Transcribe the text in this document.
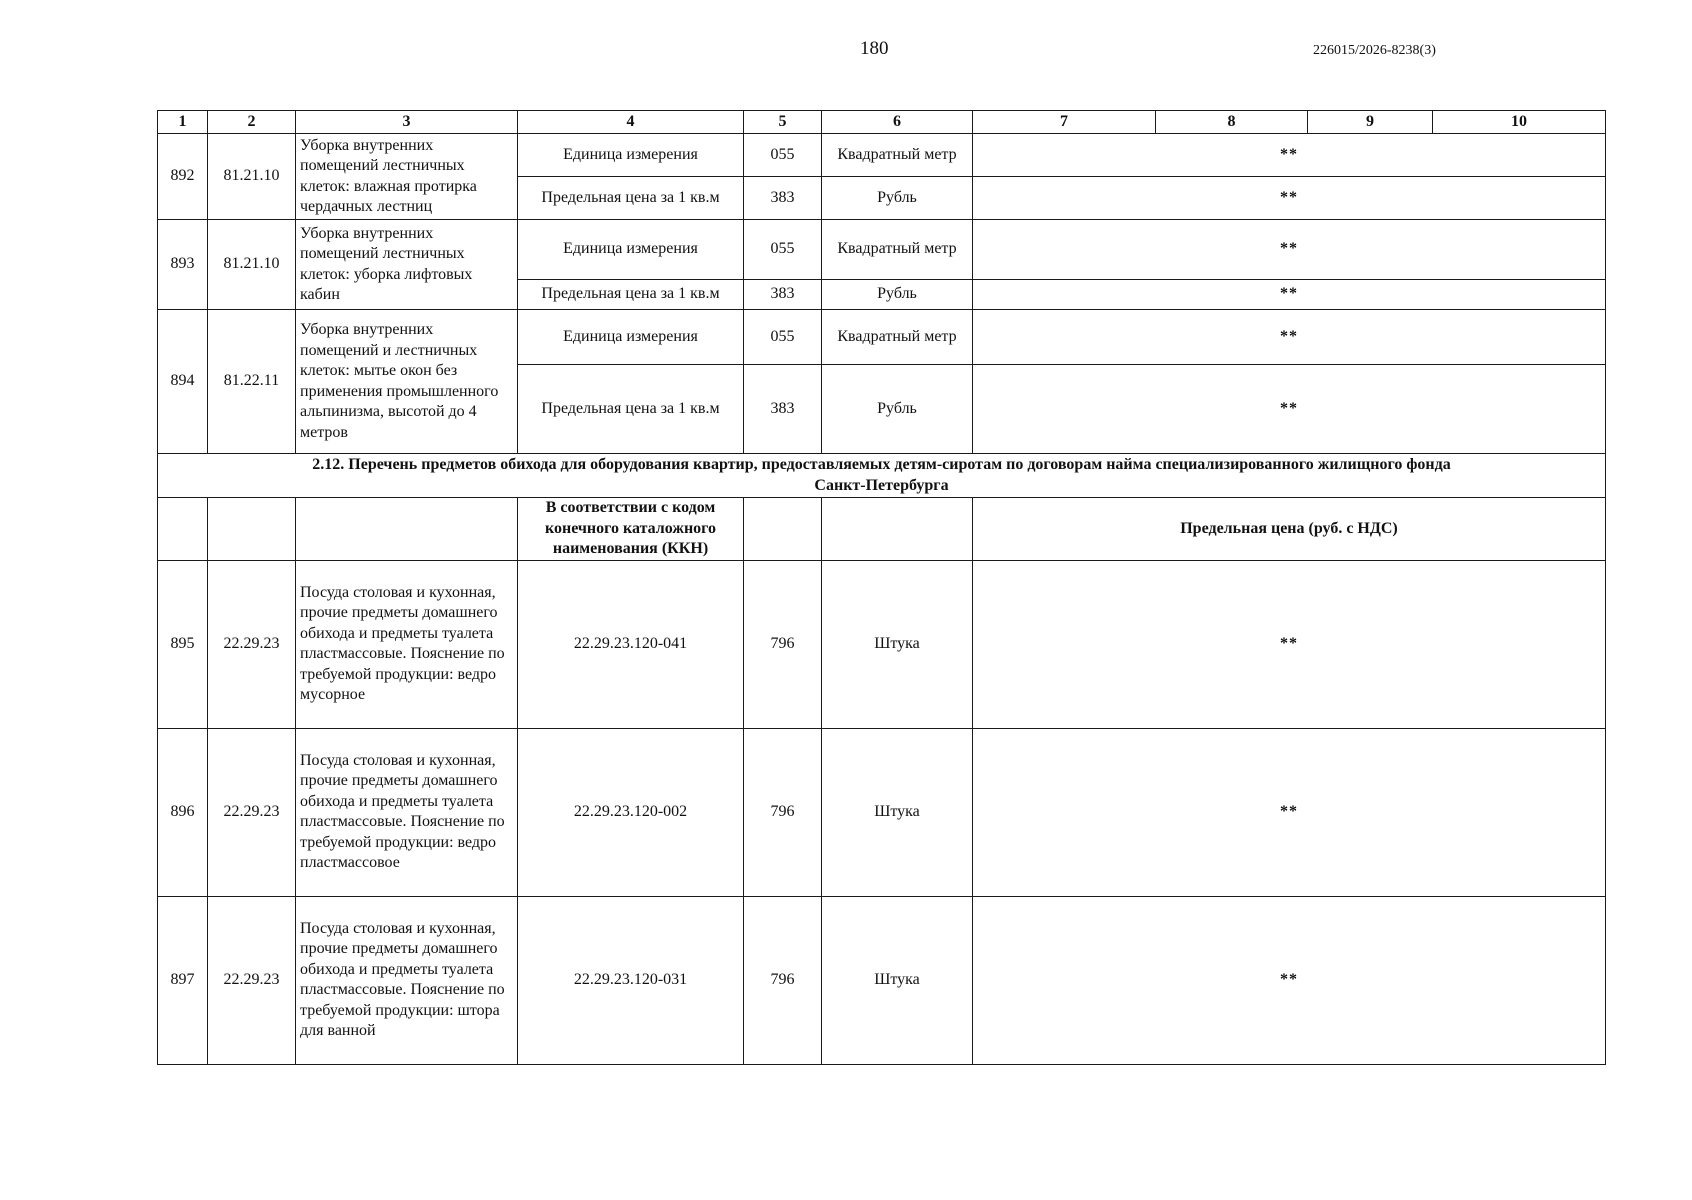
180	226015/2026-8238(3)
1	2	3	4	5	6	7	8	9	10
892	81.21.10	Уборка внутренних помещений лестничных клеток: влажная протирка чердачных лестниц	Единица измерения	055	Квадратный метр	**			
			Предельная цена за 1 кв.м	383	Рубль	**			
893	81.21.10	Уборка внутренних помещений лестничных клеток: уборка лифтовых кабин	Единица измерения	055	Квадратный метр	**			
			Предельная цена за 1 кв.м	383	Рубль	**			
894	81.22.11	Уборка внутренних помещений и лестничных клеток: мытье окон без применения промышленного альпинизма, высотой до 4 метров	Единица измерения	055	Квадратный метр	**			
			Предельная цена за 1 кв.м	383	Рубль	**			

2.12. Перечень предметов обихода для оборудования квартир, предоставляемых детям-сиротам по договорам найма специализированного жилищного фонда
Санкт-Петербурга									

			В соответствии с кодом конечного каталожного наименования (ККН)			Предельная цена (руб. с НДС)			
895	22.29.23	Посуда столовая и кухонная, прочие предметы домашнего обихода и предметы туалета пластмассовые. Пояснение по требуемой продукции: ведро мусорное	22.29.23.120-041	796	Штука	**			
896	22.29.23	Посуда столовая и кухонная, прочие предметы домашнего обихода и предметы туалета пластмассовые. Пояснение по требуемой продукции: ведро пластмассовое	22.29.23.120-002	796	Штука	**			
897	22.29.23	Посуда столовая и кухонная, прочие предметы домашнего обихода и предметы туалета пластмассовые. Пояснение по требуемой продукции: штора для ванной	22.29.23.120-031	796	Штука	**			
